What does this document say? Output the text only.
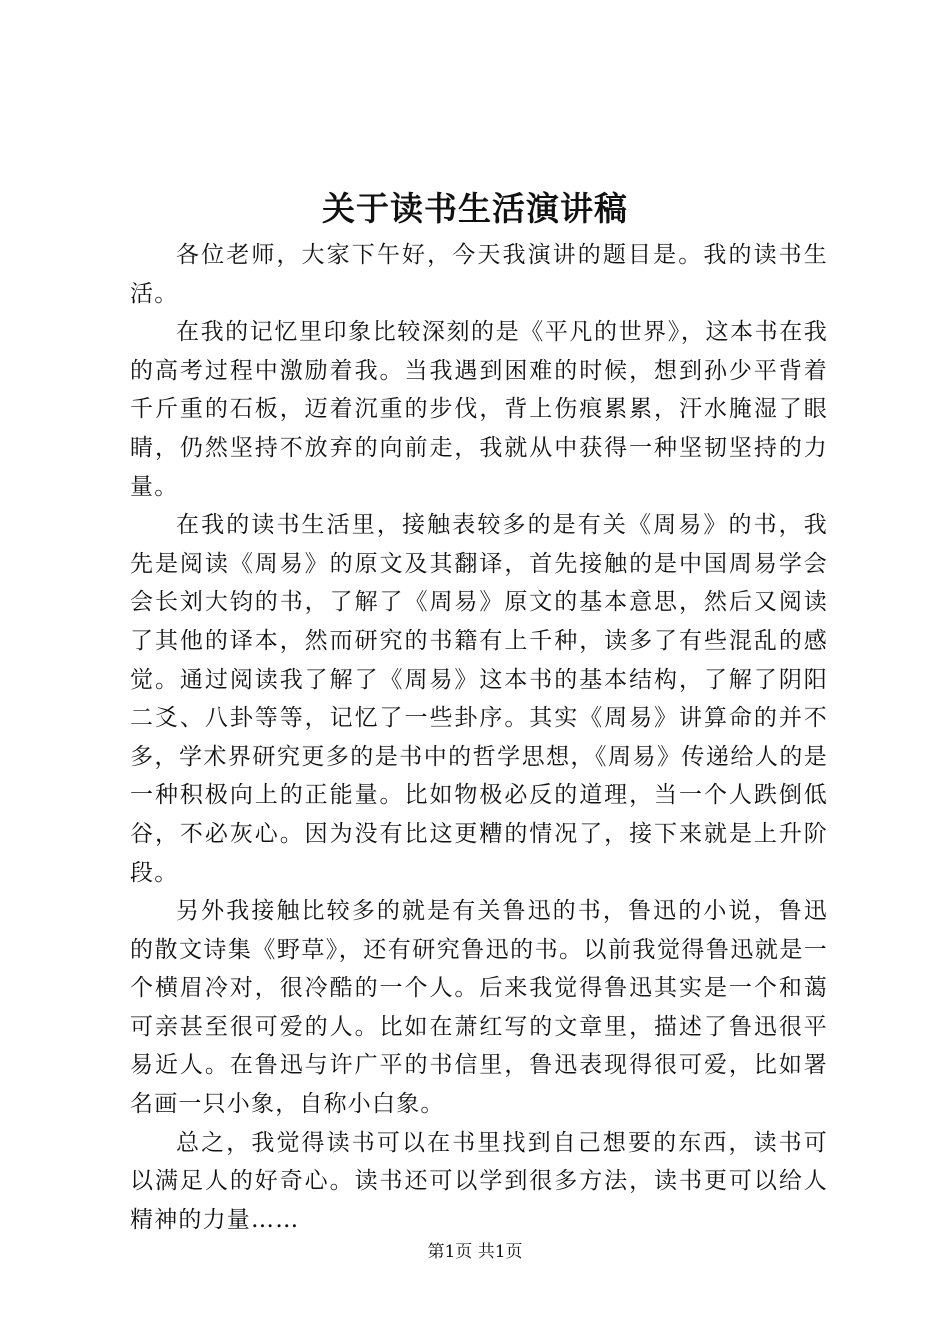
关于读书生活演讲稿

各位老师，大家下午好，今天我演讲的题目是。我的读书生活。

在我的记忆里印象比较深刻的是《平凡的世界》，这本书在我的高考过程中激励着我。当我遇到困难的时候，想到孙少平背着千斤重的石板，迈着沉重的步伐，背上伤痕累累，汗水腌湿了眼睛，仍然坚持不放弃的向前走，我就从中获得一种坚韧坚持的力量。

在我的读书生活里，接触表较多的是有关《周易》的书，我先是阅读《周易》的原文及其翻译，首先接触的是中国周易学会会长刘大钧的书，了解了《周易》原文的基本意思，然后又阅读了其他的译本，然而研究的书籍有上千种，读多了有些混乱的感觉。通过阅读我了解了《周易》这本书的基本结构，了解了阴阳二爻、八卦等等，记忆了一些卦序。其实《周易》讲算命的并不多，学术界研究更多的是书中的哲学思想，《周易》传递给人的是一种积极向上的正能量。比如物极必反的道理，当一个人跌倒低谷，不必灰心。因为没有比这更糟的情况了，接下来就是上升阶段。

另外我接触比较多的就是有关鲁迅的书，鲁迅的小说，鲁迅的散文诗集《野草》，还有研究鲁迅的书。以前我觉得鲁迅就是一个横眉冷对，很冷酷的一个人。后来我觉得鲁迅其实是一个和蔼可亲甚至很可爱的人。比如在萧红写的文章里，描述了鲁迅很平易近人。在鲁迅与许广平的书信里，鲁迅表现得很可爱，比如署名画一只小象，自称小白象。

总之，我觉得读书可以在书里找到自己想要的东西，读书可以满足人的好奇心。读书还可以学到很多方法，读书更可以给人精神的力量……

第1页 共1页
